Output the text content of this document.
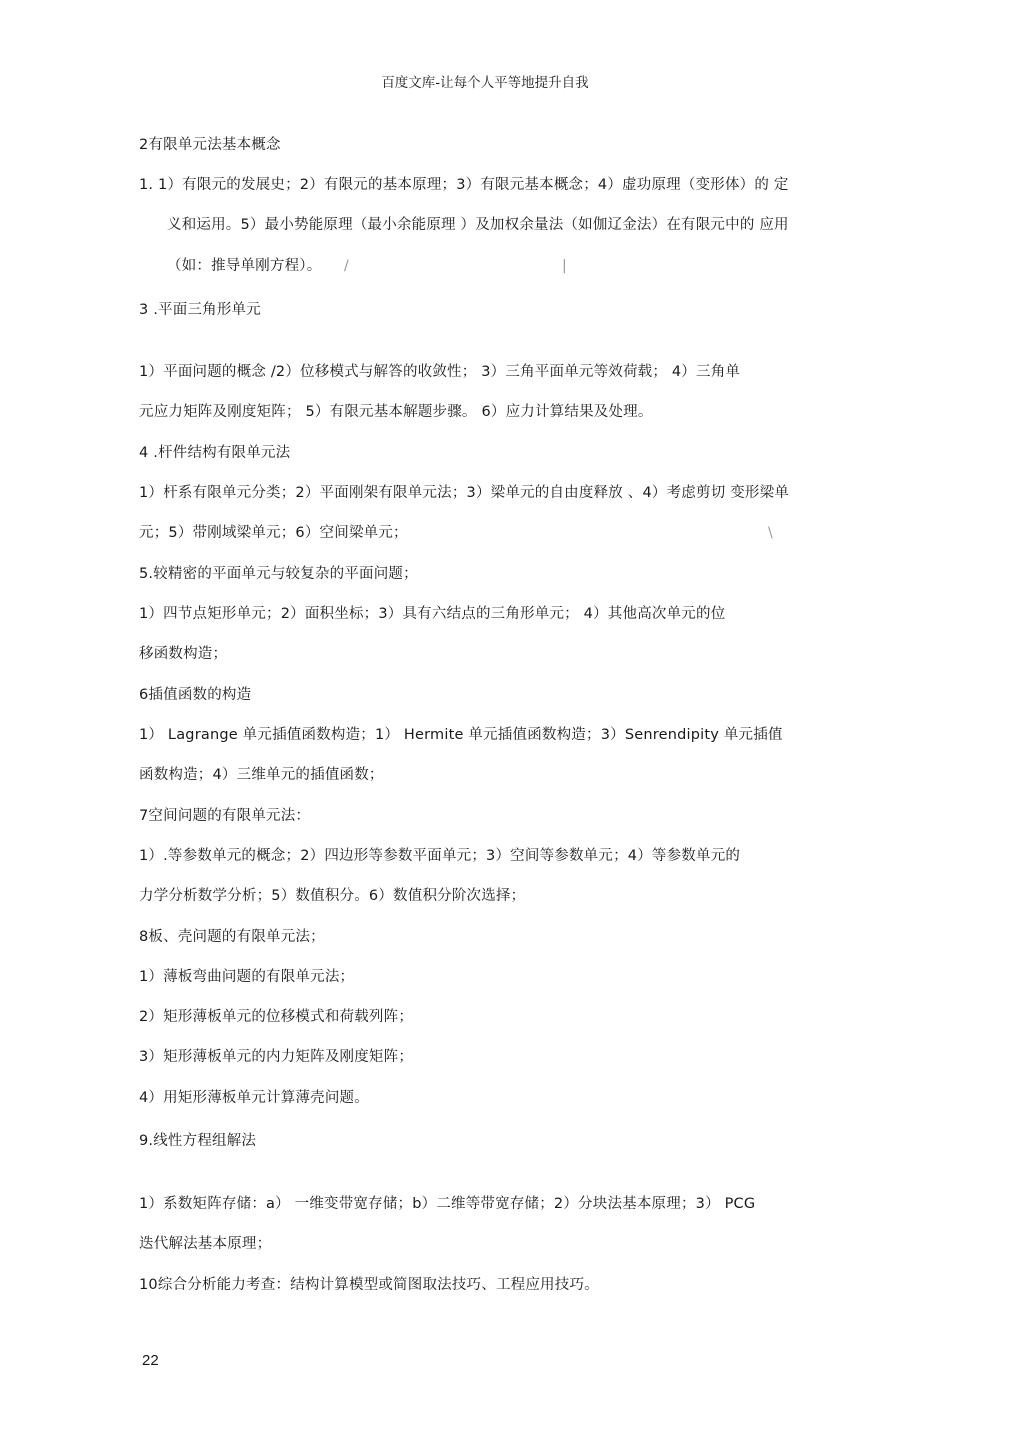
百度文库-让每个人平等地提升自我
2有限单元法基本概念
1. 1）有限元的发展史；2）有限元的基本原理；3）有限元基本概念；4）虚功原理（变形体）的 定
义和运用。5）最小势能原理（最小余能原理 ）及加权余量法（如伽辽金法）在有限元中的 应用
（如：推导单刚方程）。 /	|
3 .平面三角形单元
1）平面问题的概念 /2）位移模式与解答的收敛性； 3）三角平面单元等效荷载； 4）三角单
元应力矩阵及刚度矩阵； 5）有限元基本解题步骤。 6）应力计算结果及处理。
4 .杆件结构有限单元法
1）杆系有限单元分类；2）平面刚架有限单元法；3）梁单元的自由度释放 、4）考虑剪切 变形梁单
元；5）带刚域梁单元；6）空间梁单元；	\
5.较精密的平面单元与较复杂的平面问题；
1）四节点矩形单元；2）面积坐标；3）具有六结点的三角形单元； 4）其他高次单元的位
移函数构造；
6插值函数的构造
1） Lagrange 单元插值函数构造；1） Hermite 单元插值函数构造；3）Senrendipity 单元插值
函数构造；4）三维单元的插值函数；
7空间问题的有限单元法：
1）.等参数单元的概念；2）四边形等参数平面单元；3）空间等参数单元；4）等参数单元的
力学分析数学分析；5）数值积分。6）数值积分阶次选择；
8板、壳问题的有限单元法；
1）薄板弯曲问题的有限单元法；
2）矩形薄板单元的位移模式和荷载列阵；
3）矩形薄板单元的内力矩阵及刚度矩阵；
4）用矩形薄板单元计算薄壳问题。
9.线性方程组解法
1）系数矩阵存储：a） 一维变带宽存储；b）二维等带宽存储；2）分块法基本原理；3） PCG
迭代解法基本原理；
10综合分析能力考查：结构计算模型或简图取法技巧、工程应用技巧。
22
